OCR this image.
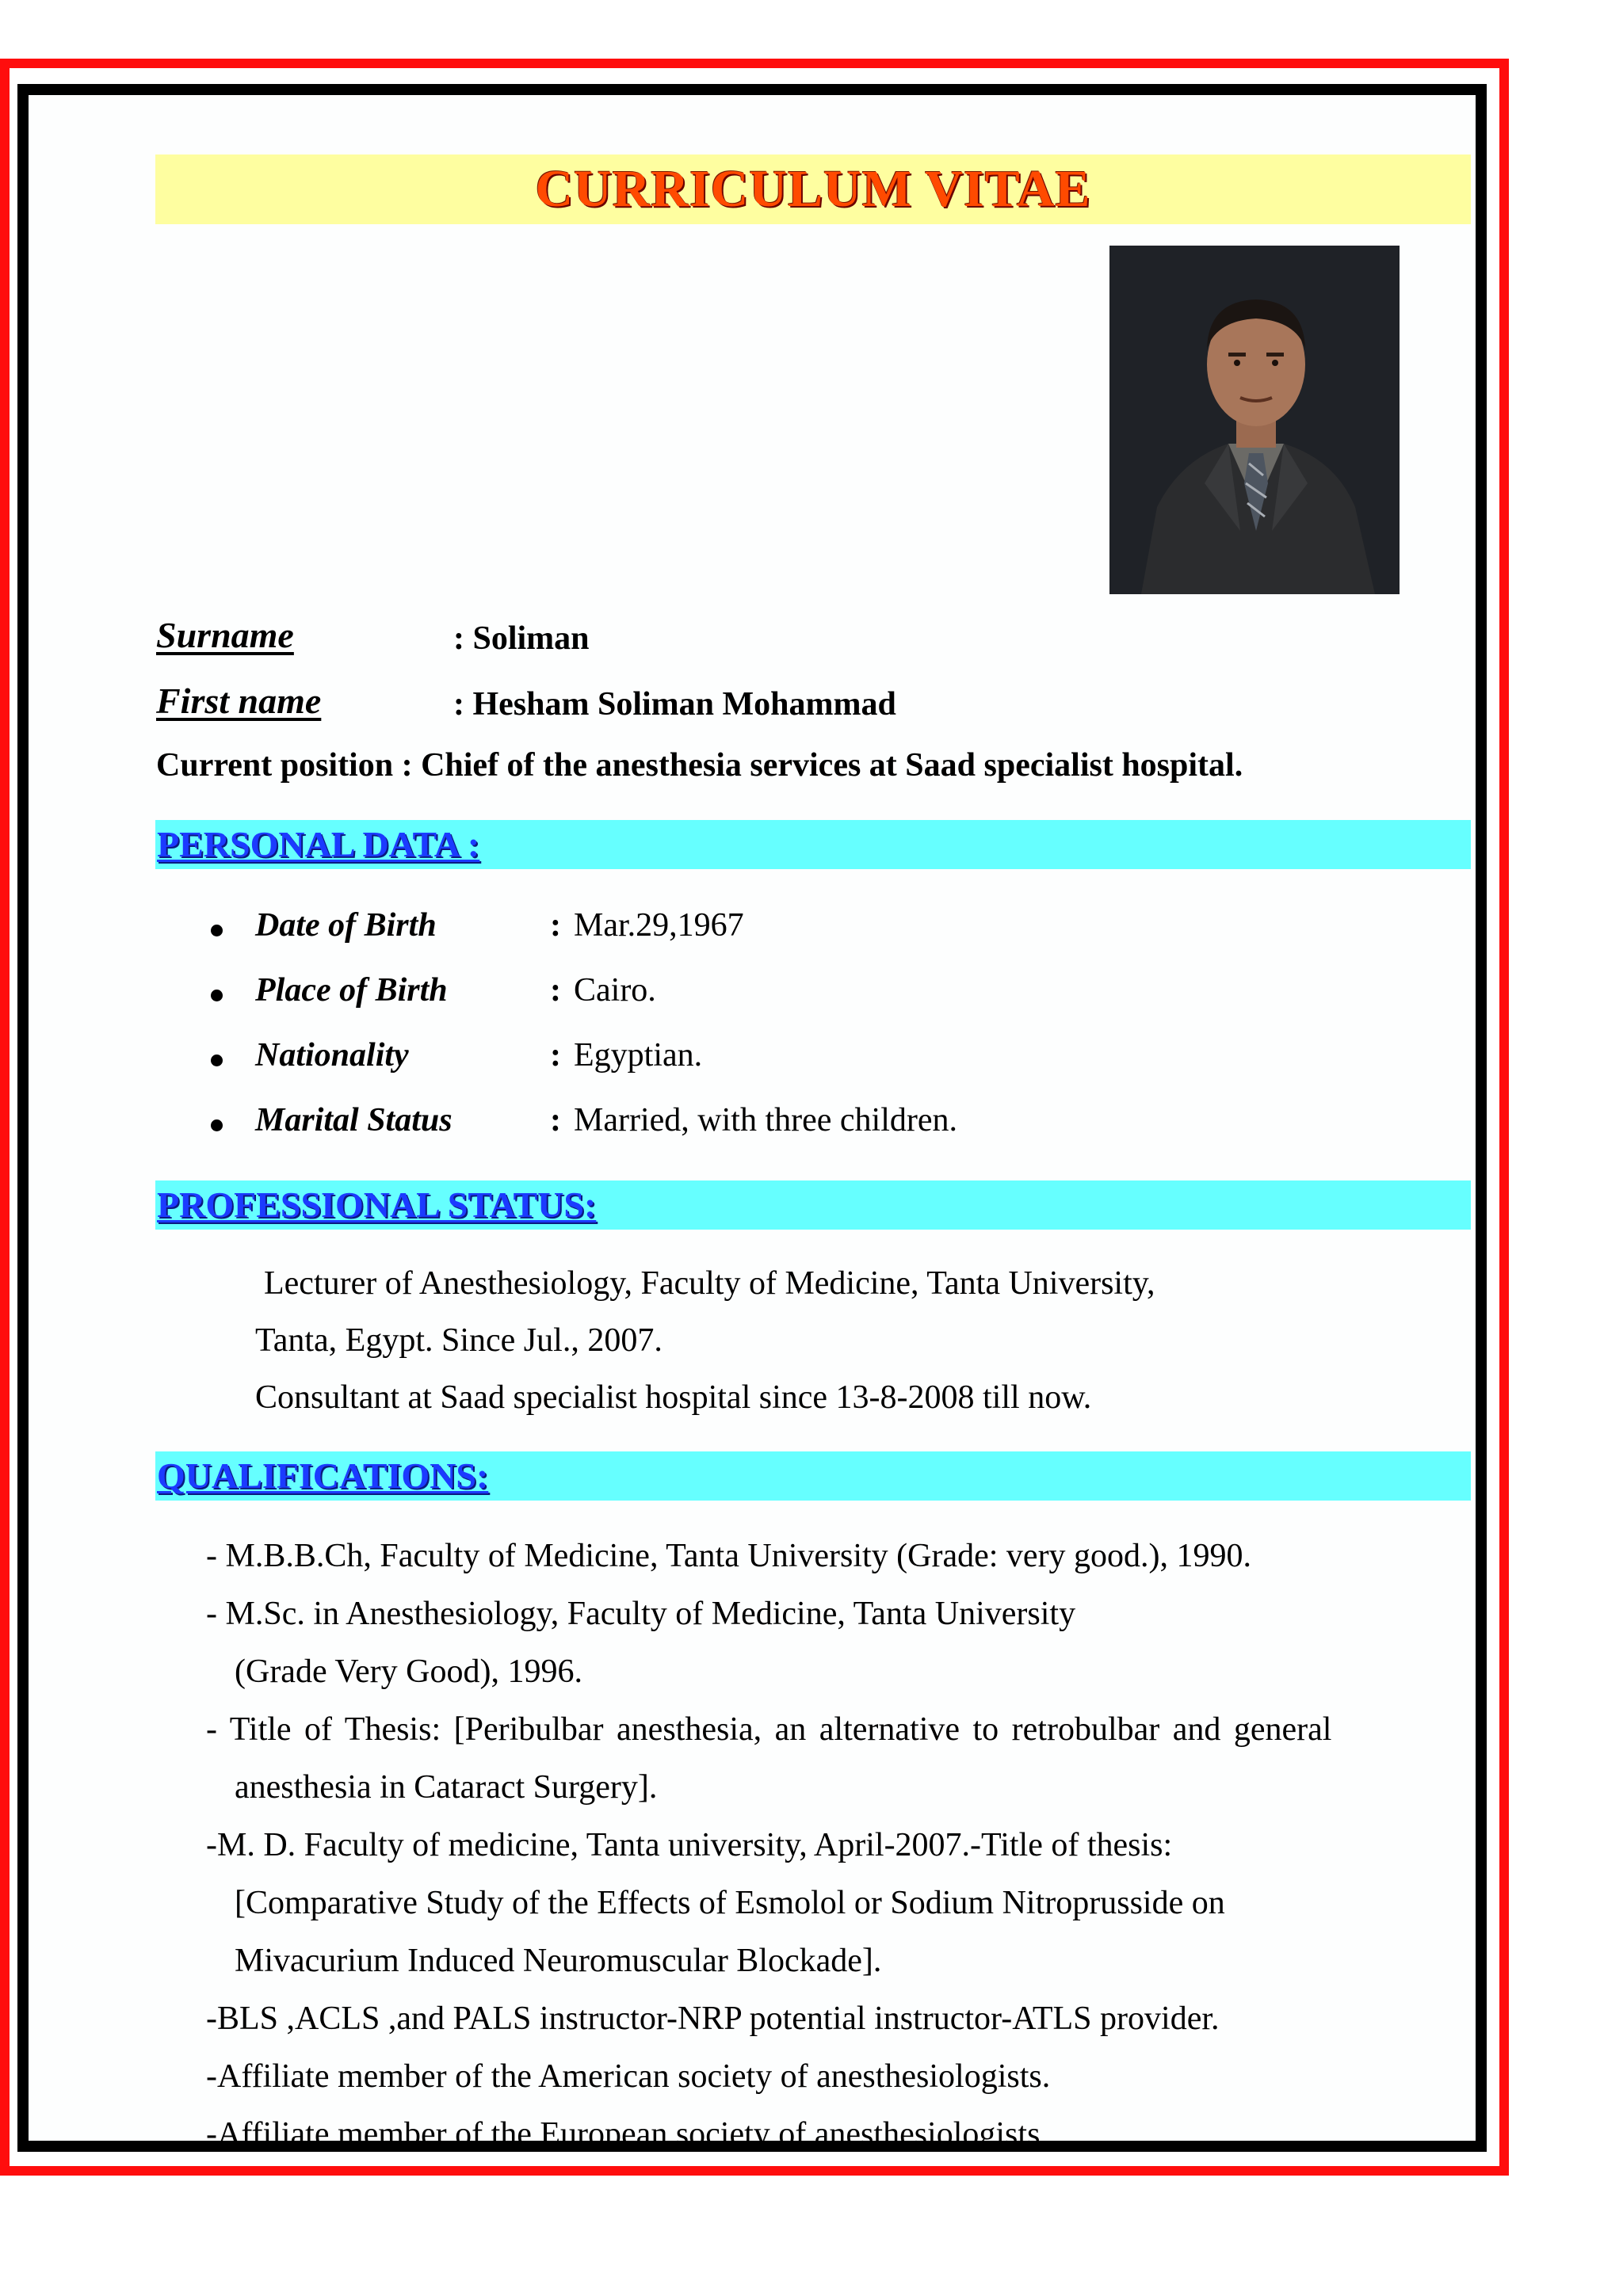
CURRICULUM VITAE
Surname	: Soliman
First name	: Hesham Soliman Mohammad
Current position : Chief of the anesthesia services at Saad specialist hospital.
PERSONAL DATA :
Date of Birth	: Mar.29,1967
Place of Birth	: Cairo.
Nationality	: Egyptian.
Marital Status	: Married, with three children.
PROFESSIONAL STATUS:
Lecturer of Anesthesiology, Faculty of Medicine, Tanta University,
Tanta, Egypt. Since Jul., 2007.
Consultant at Saad specialist hospital since 13-8-2008 till now.
QUALIFICATIONS:
- M.B.B.Ch, Faculty of Medicine, Tanta University (Grade: very good.), 1990.
- M.Sc. in Anesthesiology, Faculty of Medicine, Tanta University
(Grade Very Good), 1996.
- Title of Thesis: [Peribulbar anesthesia, an alternative to retrobulbar and general
anesthesia in Cataract Surgery].
-M. D. Faculty of medicine, Tanta university, April-2007.-Title of thesis:
[Comparative Study of the Effects of Esmolol or Sodium Nitroprusside on
Mivacurium Induced Neuromuscular Blockade].
-BLS ,ACLS ,and PALS instructor-NRP potential instructor-ATLS provider.
-Affiliate member of the American society of anesthesiologists.
-Affiliate member of the European society of anesthesiologists.
